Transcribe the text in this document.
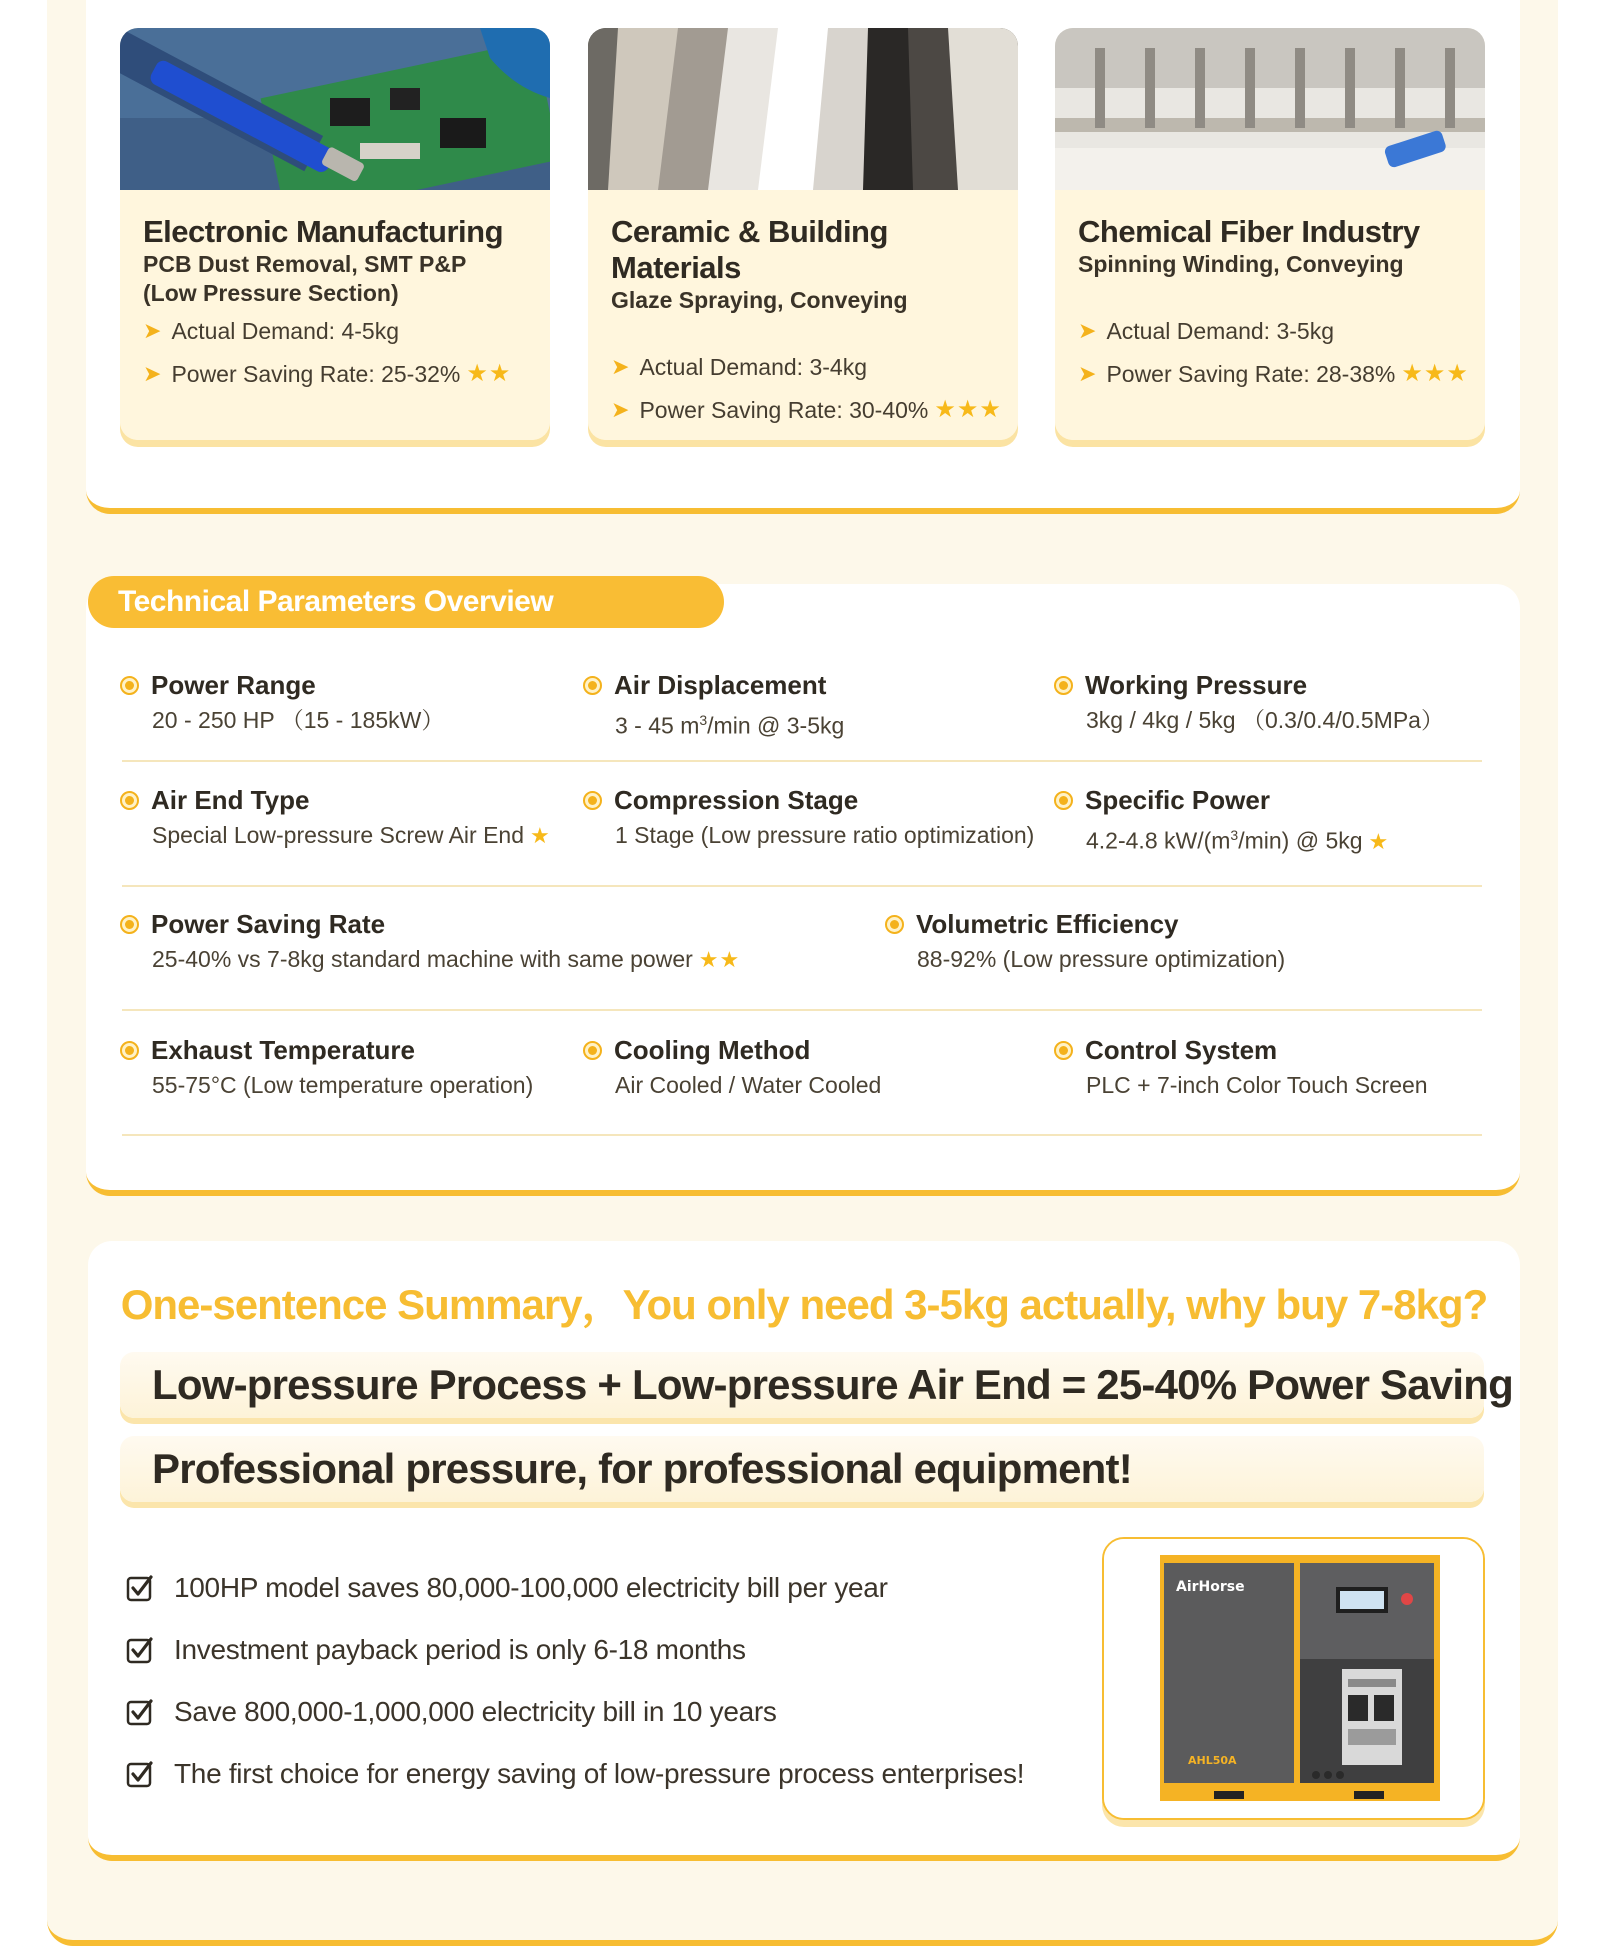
Electronic Manufacturing
PCB Dust Removal, SMT P&P
(Low Pressure Section)
➤ Actual Demand: 4-5kg
➤ Power Saving Rate: 25-32% ★★
Ceramic & Building Materials
Glaze Spraying, Conveying
➤ Actual Demand: 3-4kg
➤ Power Saving Rate: 30-40% ★★★
Chemical Fiber Industry
Spinning Winding, Conveying
➤ Actual Demand: 3-5kg
➤ Power Saving Rate: 28-38% ★★★
Technical Parameters Overview
Power Range
20 - 250 HP （15 - 185kW）
Air Displacement
3 - 45 $m^3/\min$ @ 3-5kg
Working Pressure
3kg / 4kg / 5kg （0.3/0.4/0.5MPa）
Air End Type
Special Low-pressure Screw Air End ★
Compression Stage
1 Stage (Low pressure ratio optimization)
Specific Power
4.2-4.8 $kW/(m^3/\min)$ @ 5kg ★
Power Saving Rate
25-40% vs 7-8kg standard machine with same power ★★
Volumetric Efficiency
88-92% (Low pressure optimization)
Exhaust Temperature
55-75°C (Low temperature operation)
Cooling Method
Air Cooled / Water Cooled
Control System
PLC + 7-inch Color Touch Screen
One-sentence Summary，You only need 3-5kg actually, why buy 7-8kg?
Low-pressure Process + Low-pressure Air End = 25-40% Power Saving
Professional pressure, for professional equipment!
100HP model saves 80,000-100,000 electricity bill per year
Investment payback period is only 6-18 months
Save 800,000-1,000,000 electricity bill in 10 years
The first choice for energy saving of low-pressure process enterprises!
AirHorse
AHL50A
